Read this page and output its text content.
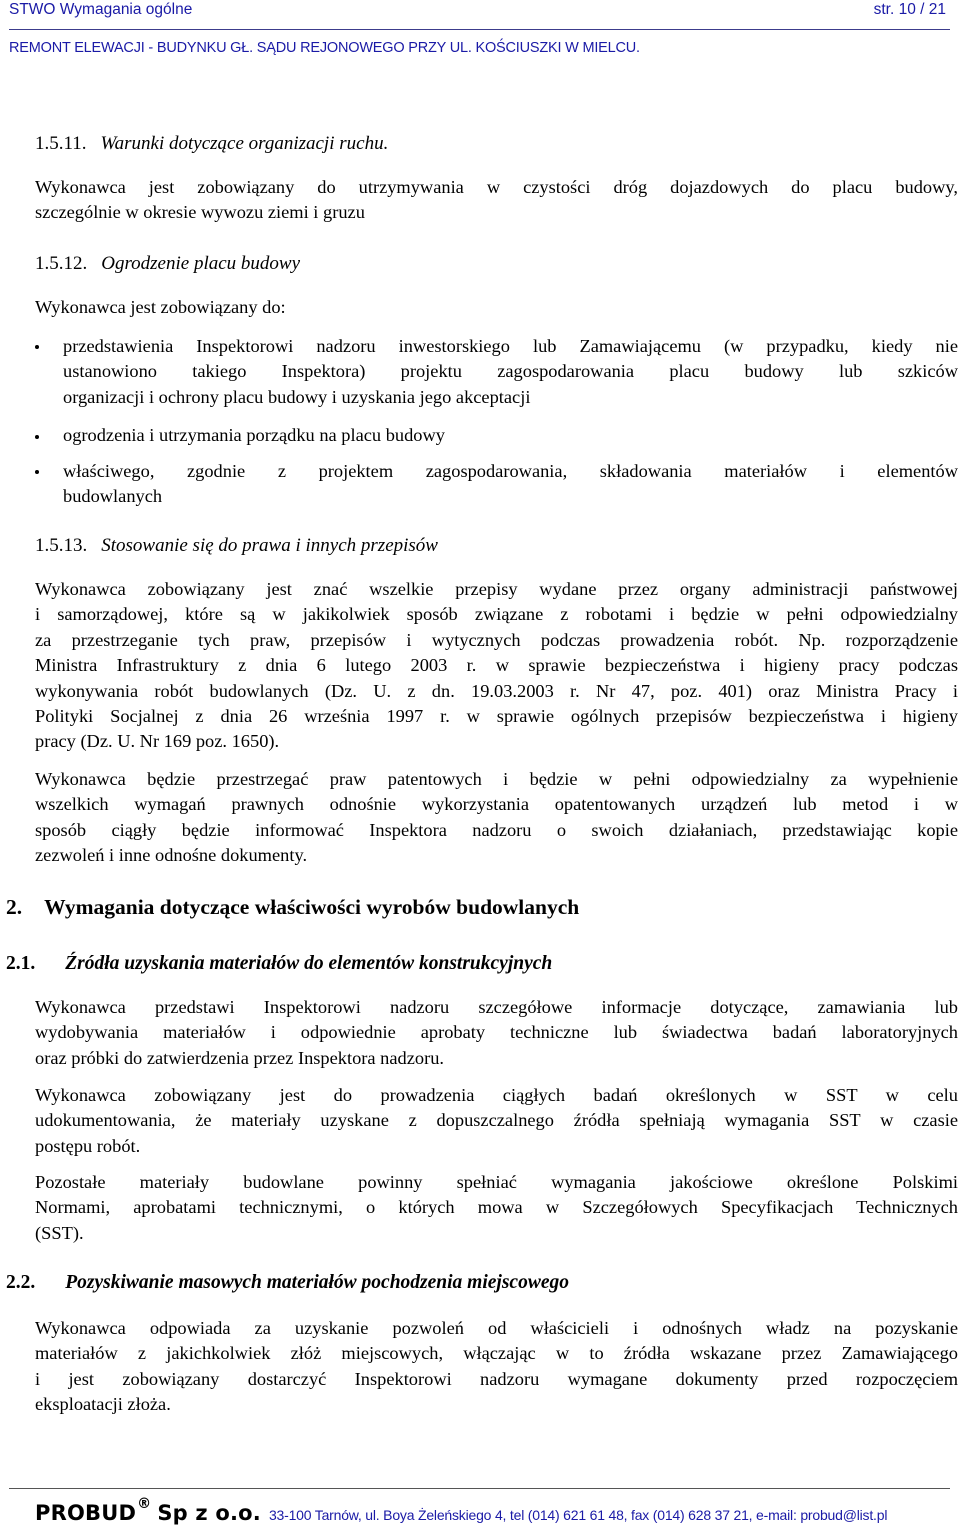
STWO Wymagania ogólne	str. 10 / 21
REMONT ELEWACJI - BUDYNKU GŁ. SĄDU REJONOWEGO PRZY UL. KOŚCIUSZKI W MIELCU.
1.5.11. Warunki dotyczące organizacji ruchu.
Wykonawca jest zobowiązany do utrzymywania w czystości dróg dojazdowych do placu budowy,
szczególnie w okresie wywozu ziemi i gruzu
1.5.12. Ogrodzenie placu budowy
Wykonawca jest zobowiązany do:
przedstawienia Inspektorowi nadzoru inwestorskiego lub Zamawiającemu (w przypadku, kiedy nie
ustanowiono takiego Inspektora) projektu zagospodarowania placu budowy lub szkiców
organizacji i ochrony placu budowy i uzyskania jego akceptacji
ogrodzenia i utrzymania porządku na placu budowy
właściwego, zgodnie z projektem zagospodarowania, składowania materiałów i elementów
budowlanych
1.5.13. Stosowanie się do prawa i innych przepisów
Wykonawca zobowiązany jest znać wszelkie przepisy wydane przez organy administracji państwowej
i samorządowej, które są w jakikolwiek sposób związane z robotami i będzie w pełni odpowiedzialny
za przestrzeganie tych praw, przepisów i wytycznych podczas prowadzenia robót. Np. rozporządzenie
Ministra Infrastruktury z dnia 6 lutego 2003 r. w sprawie bezpieczeństwa i higieny pracy podczas
wykonywania robót budowlanych (Dz. U. z dn. 19.03.2003 r. Nr 47, poz. 401) oraz Ministra Pracy i
Polityki Socjalnej z dnia 26 września 1997 r. w sprawie ogólnych przepisów bezpieczeństwa i higieny
pracy (Dz. U. Nr 169 poz. 1650).
Wykonawca będzie przestrzegać praw patentowych i będzie w pełni odpowiedzialny za wypełnienie
wszelkich wymagań prawnych odnośnie wykorzystania opatentowanych urządzeń lub metod i w
sposób ciągły będzie informować Inspektora nadzoru o swoich działaniach, przedstawiając kopie
zezwoleń i inne odnośne dokumenty.
2. Wymagania dotyczące właściwości wyrobów budowlanych
2.1. Źródła uzyskania materiałów do elementów konstrukcyjnych
Wykonawca przedstawi Inspektorowi nadzoru szczegółowe informacje dotyczące, zamawiania lub
wydobywania materiałów i odpowiednie aprobaty techniczne lub świadectwa badań laboratoryjnych
oraz próbki do zatwierdzenia przez Inspektora nadzoru.
Wykonawca zobowiązany jest do prowadzenia ciągłych badań określonych w SST w celu
udokumentowania, że materiały uzyskane z dopuszczalnego źródła spełniają wymagania SST w czasie
postępu robót.
Pozostałe materiały budowlane powinny spełniać wymagania jakościowe określone Polskimi
Normami, aprobatami technicznymi, o których mowa w Szczegółowych Specyfikacjach Technicznych
(SST).
2.2. Pozyskiwanie masowych materiałów pochodzenia miejscowego
Wykonawca odpowiada za uzyskanie pozwoleń od właścicieli i odnośnych władz na pozyskanie
materiałów z jakichkolwiek złóż miejscowych, włączając w to źródła wskazane przez Zamawiającego
i jest zobowiązany dostarczyć Inspektorowi nadzoru wymagane dokumenty przed rozpoczęciem
eksploatacji złoża.
PROBUD® Sp z o.o. 33-100 Tarnów, ul. Boya Żeleńskiego 4, tel (014) 621 61 48, fax (014) 628 37 21, e-mail: probud@list.pl
